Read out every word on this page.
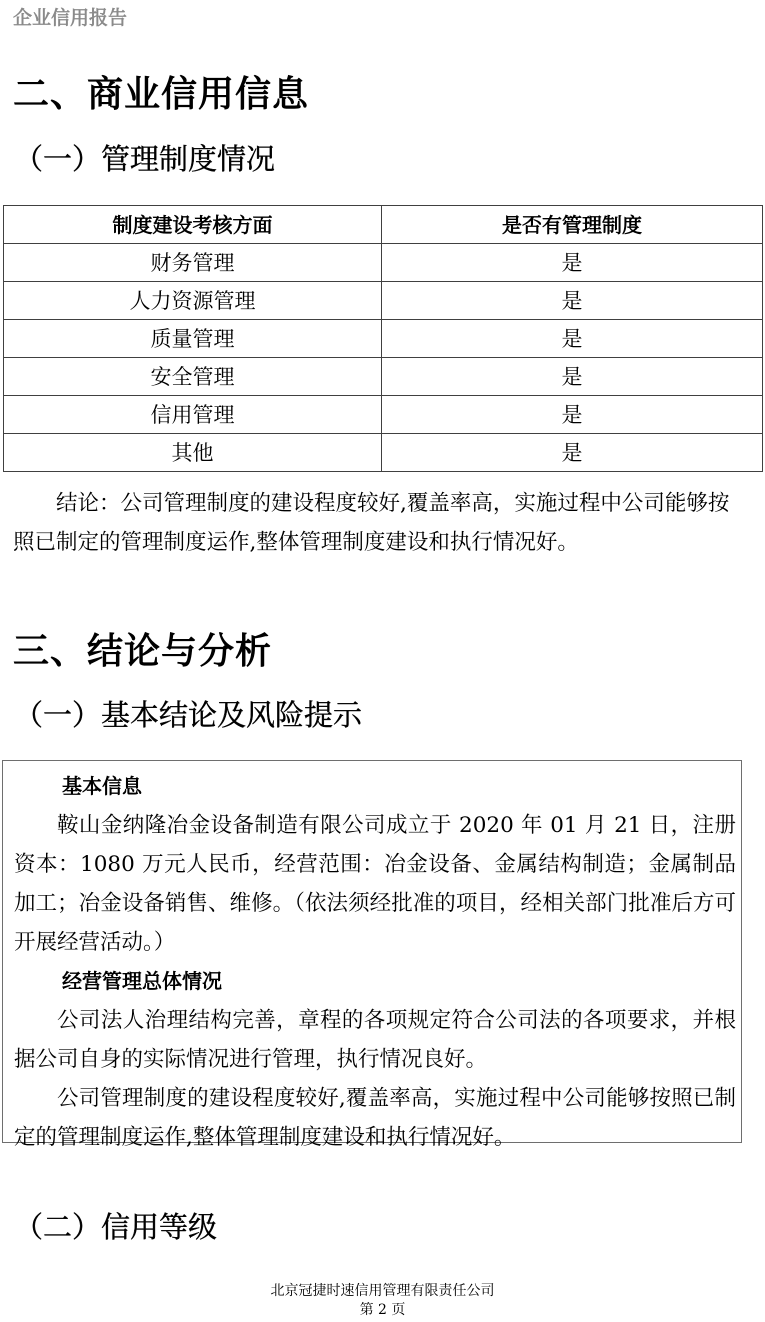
企业信用报告
二、商业信用信息
（一）管理制度情况
制度建设考核方面	是否有管理制度
财务管理	是
人力资源管理	是
质量管理	是
安全管理	是
信用管理	是
其他	是

结论：公司管理制度的建设程度较好,覆盖率高，实施过程中公司能够按照已制定的管理制度运作,整体管理制度建设和执行情况好。

三、结论与分析
（一）基本结论及风险提示

基本信息

鞍山金纳隆冶金设备制造有限公司成立于 2020 年 01 月 21 日，注册资本：1080 万元人民币，经营范围：冶金设备、金属结构制造；金属制品加工；冶金设备销售、维修。（依法须经批准的项目，经相关部门批准后方可开展经营活动。）

经营管理总体情况

公司法人治理结构完善，章程的各项规定符合公司法的各项要求，并根据公司自身的实际情况进行管理，执行情况良好。

公司管理制度的建设程度较好,覆盖率高，实施过程中公司能够按照已制定的管理制度运作,整体管理制度建设和执行情况好。

（二）信用等级
北京冠捷时速信用管理有限责任公司
第 2 页
